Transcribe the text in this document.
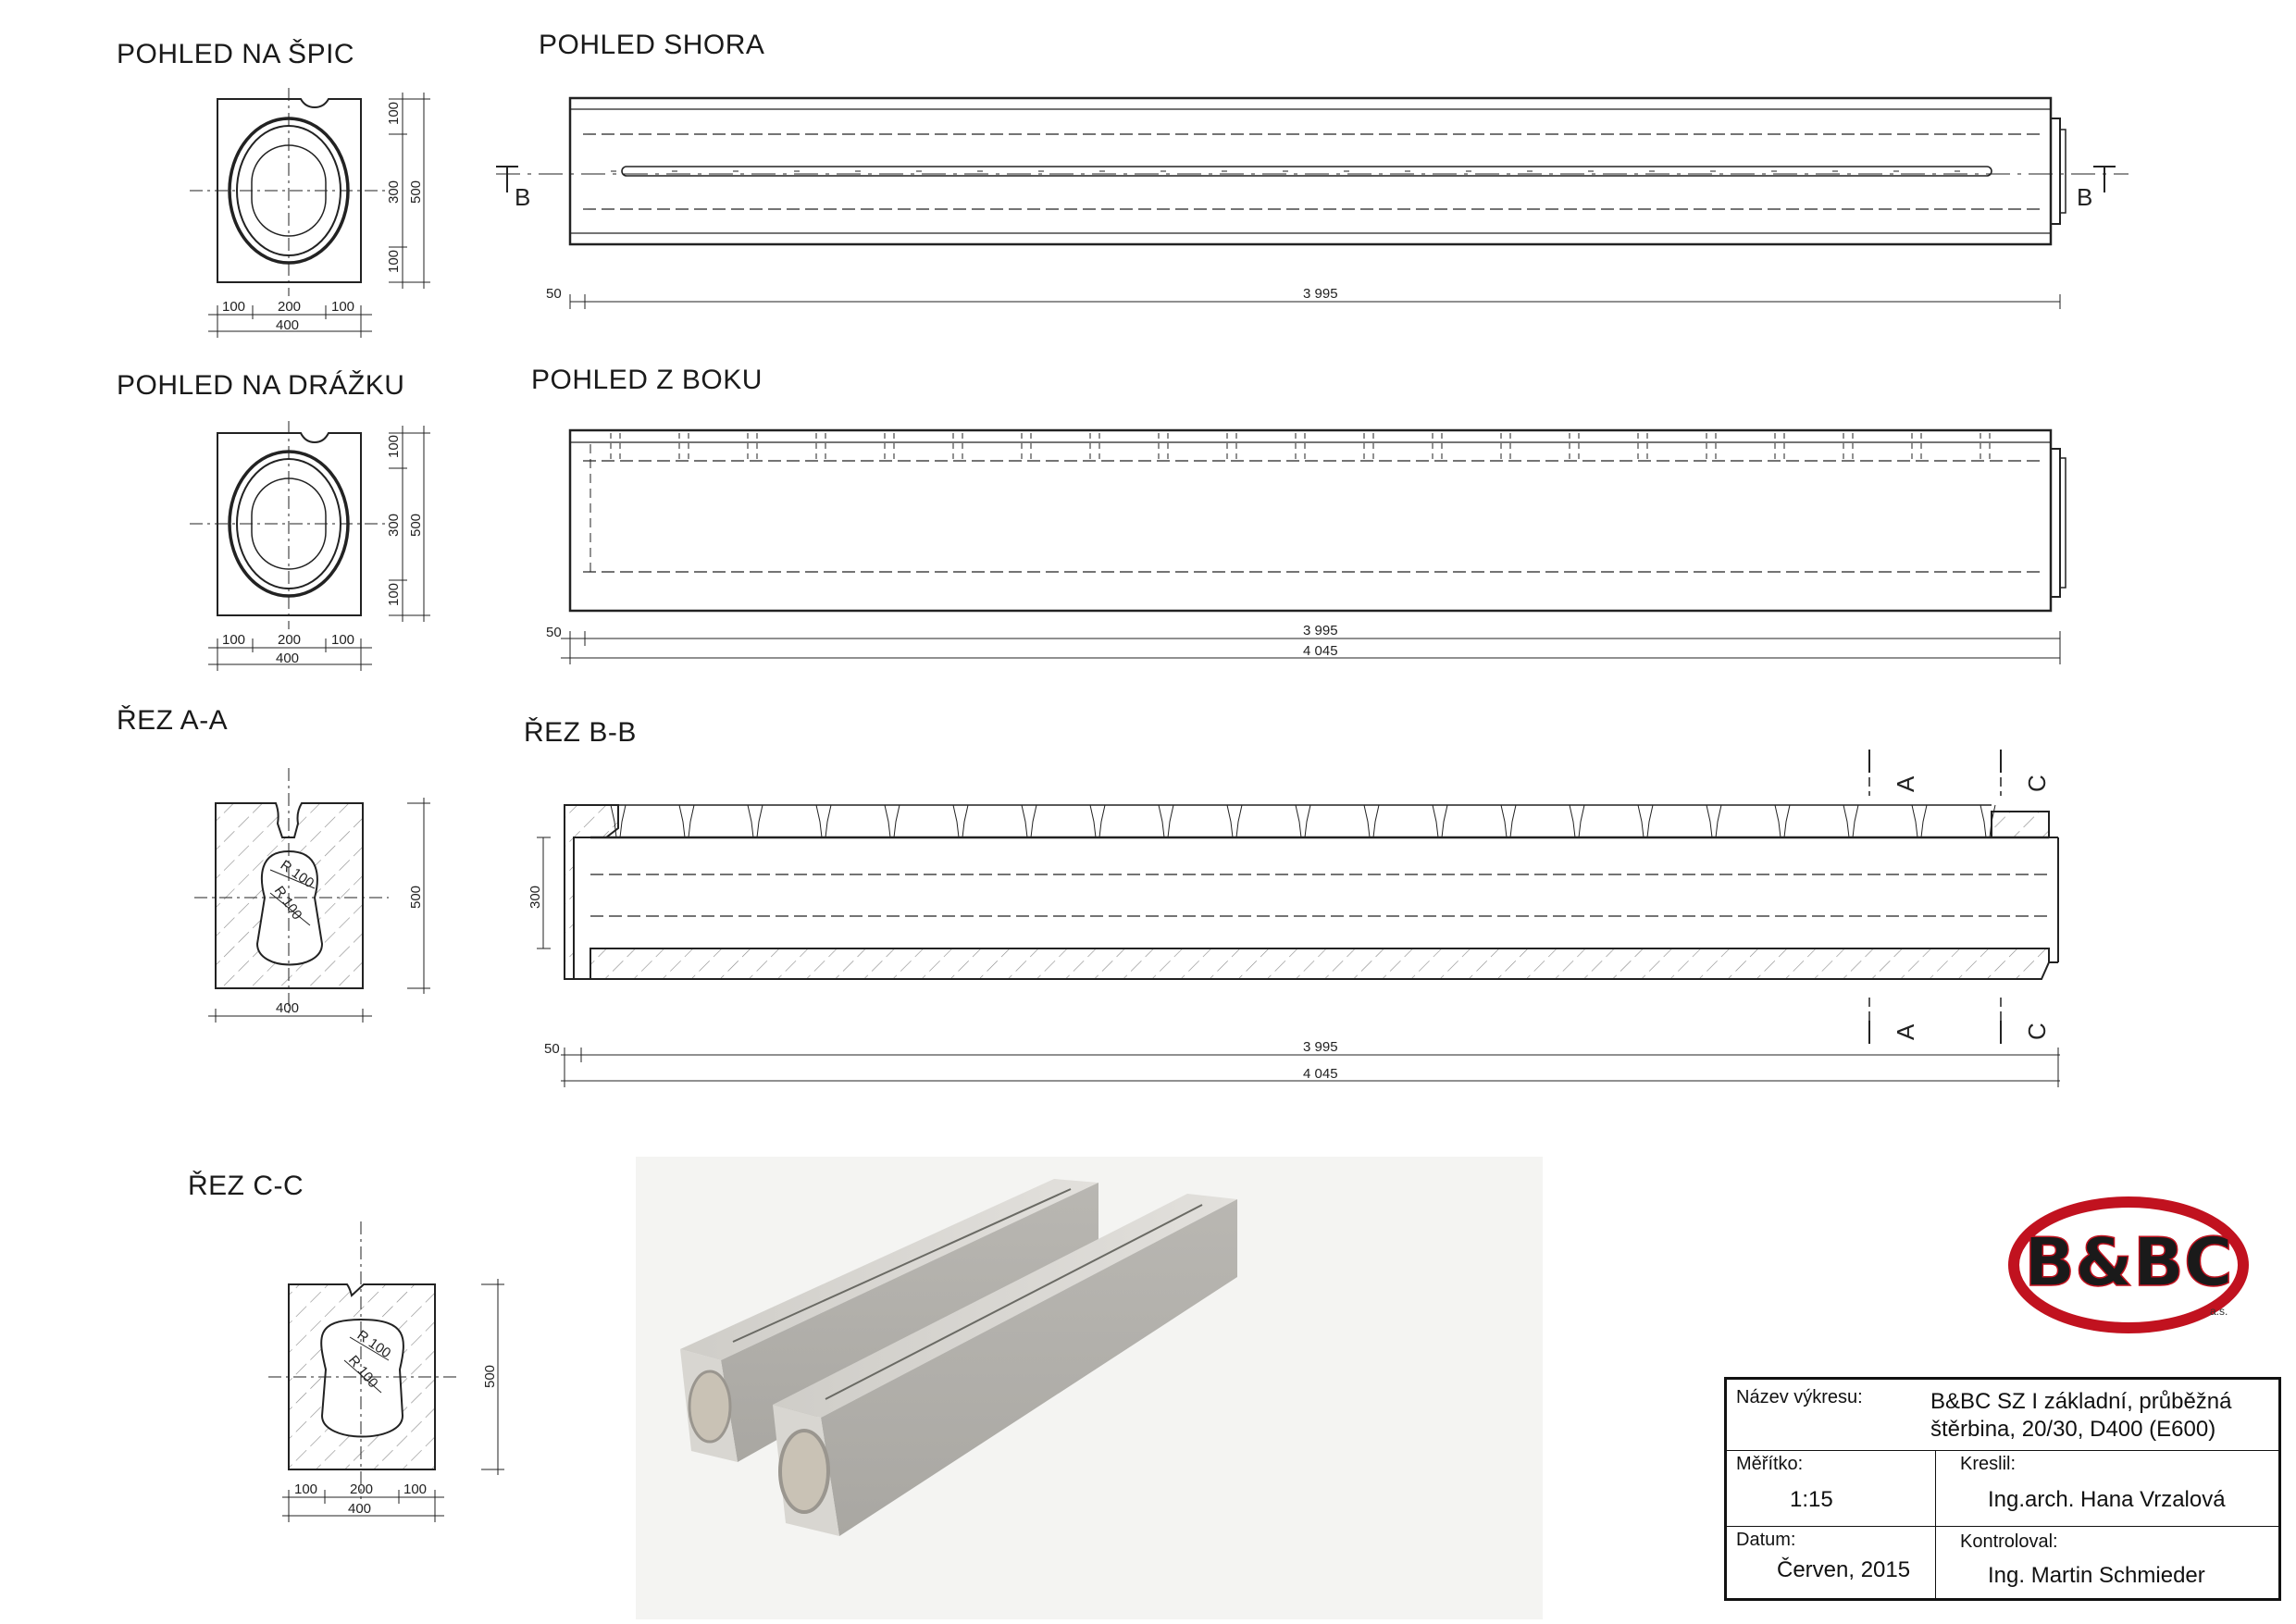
POHLED NA ŠPIC	POHLED SHORA
POHLED NA DRÁŽKU	POHLED Z BOKU
ŘEZ A-A	ŘEZ B-B
ŘEZ C-C
100
300
100
500
100 200 100
400
B	B
50	3 995
100
300
100
500
100 200 100
400
50	3 995
4 045
R 100
R 100	500
400
300
A	C
A	C
50	3 995
4 045
R 100
R 100	500
100 200 100
400
B&BC
a.s.
Název výkresu:	B&BC SZ I základní, průběžná
štěrbina, 20/30, D400 (E600)
Měřítko:
1:15
Kreslil:
Ing.arch. Hana Vrzalová
Datum:
Červen, 2015
Kontroloval:
Ing. Martin Schmieder
